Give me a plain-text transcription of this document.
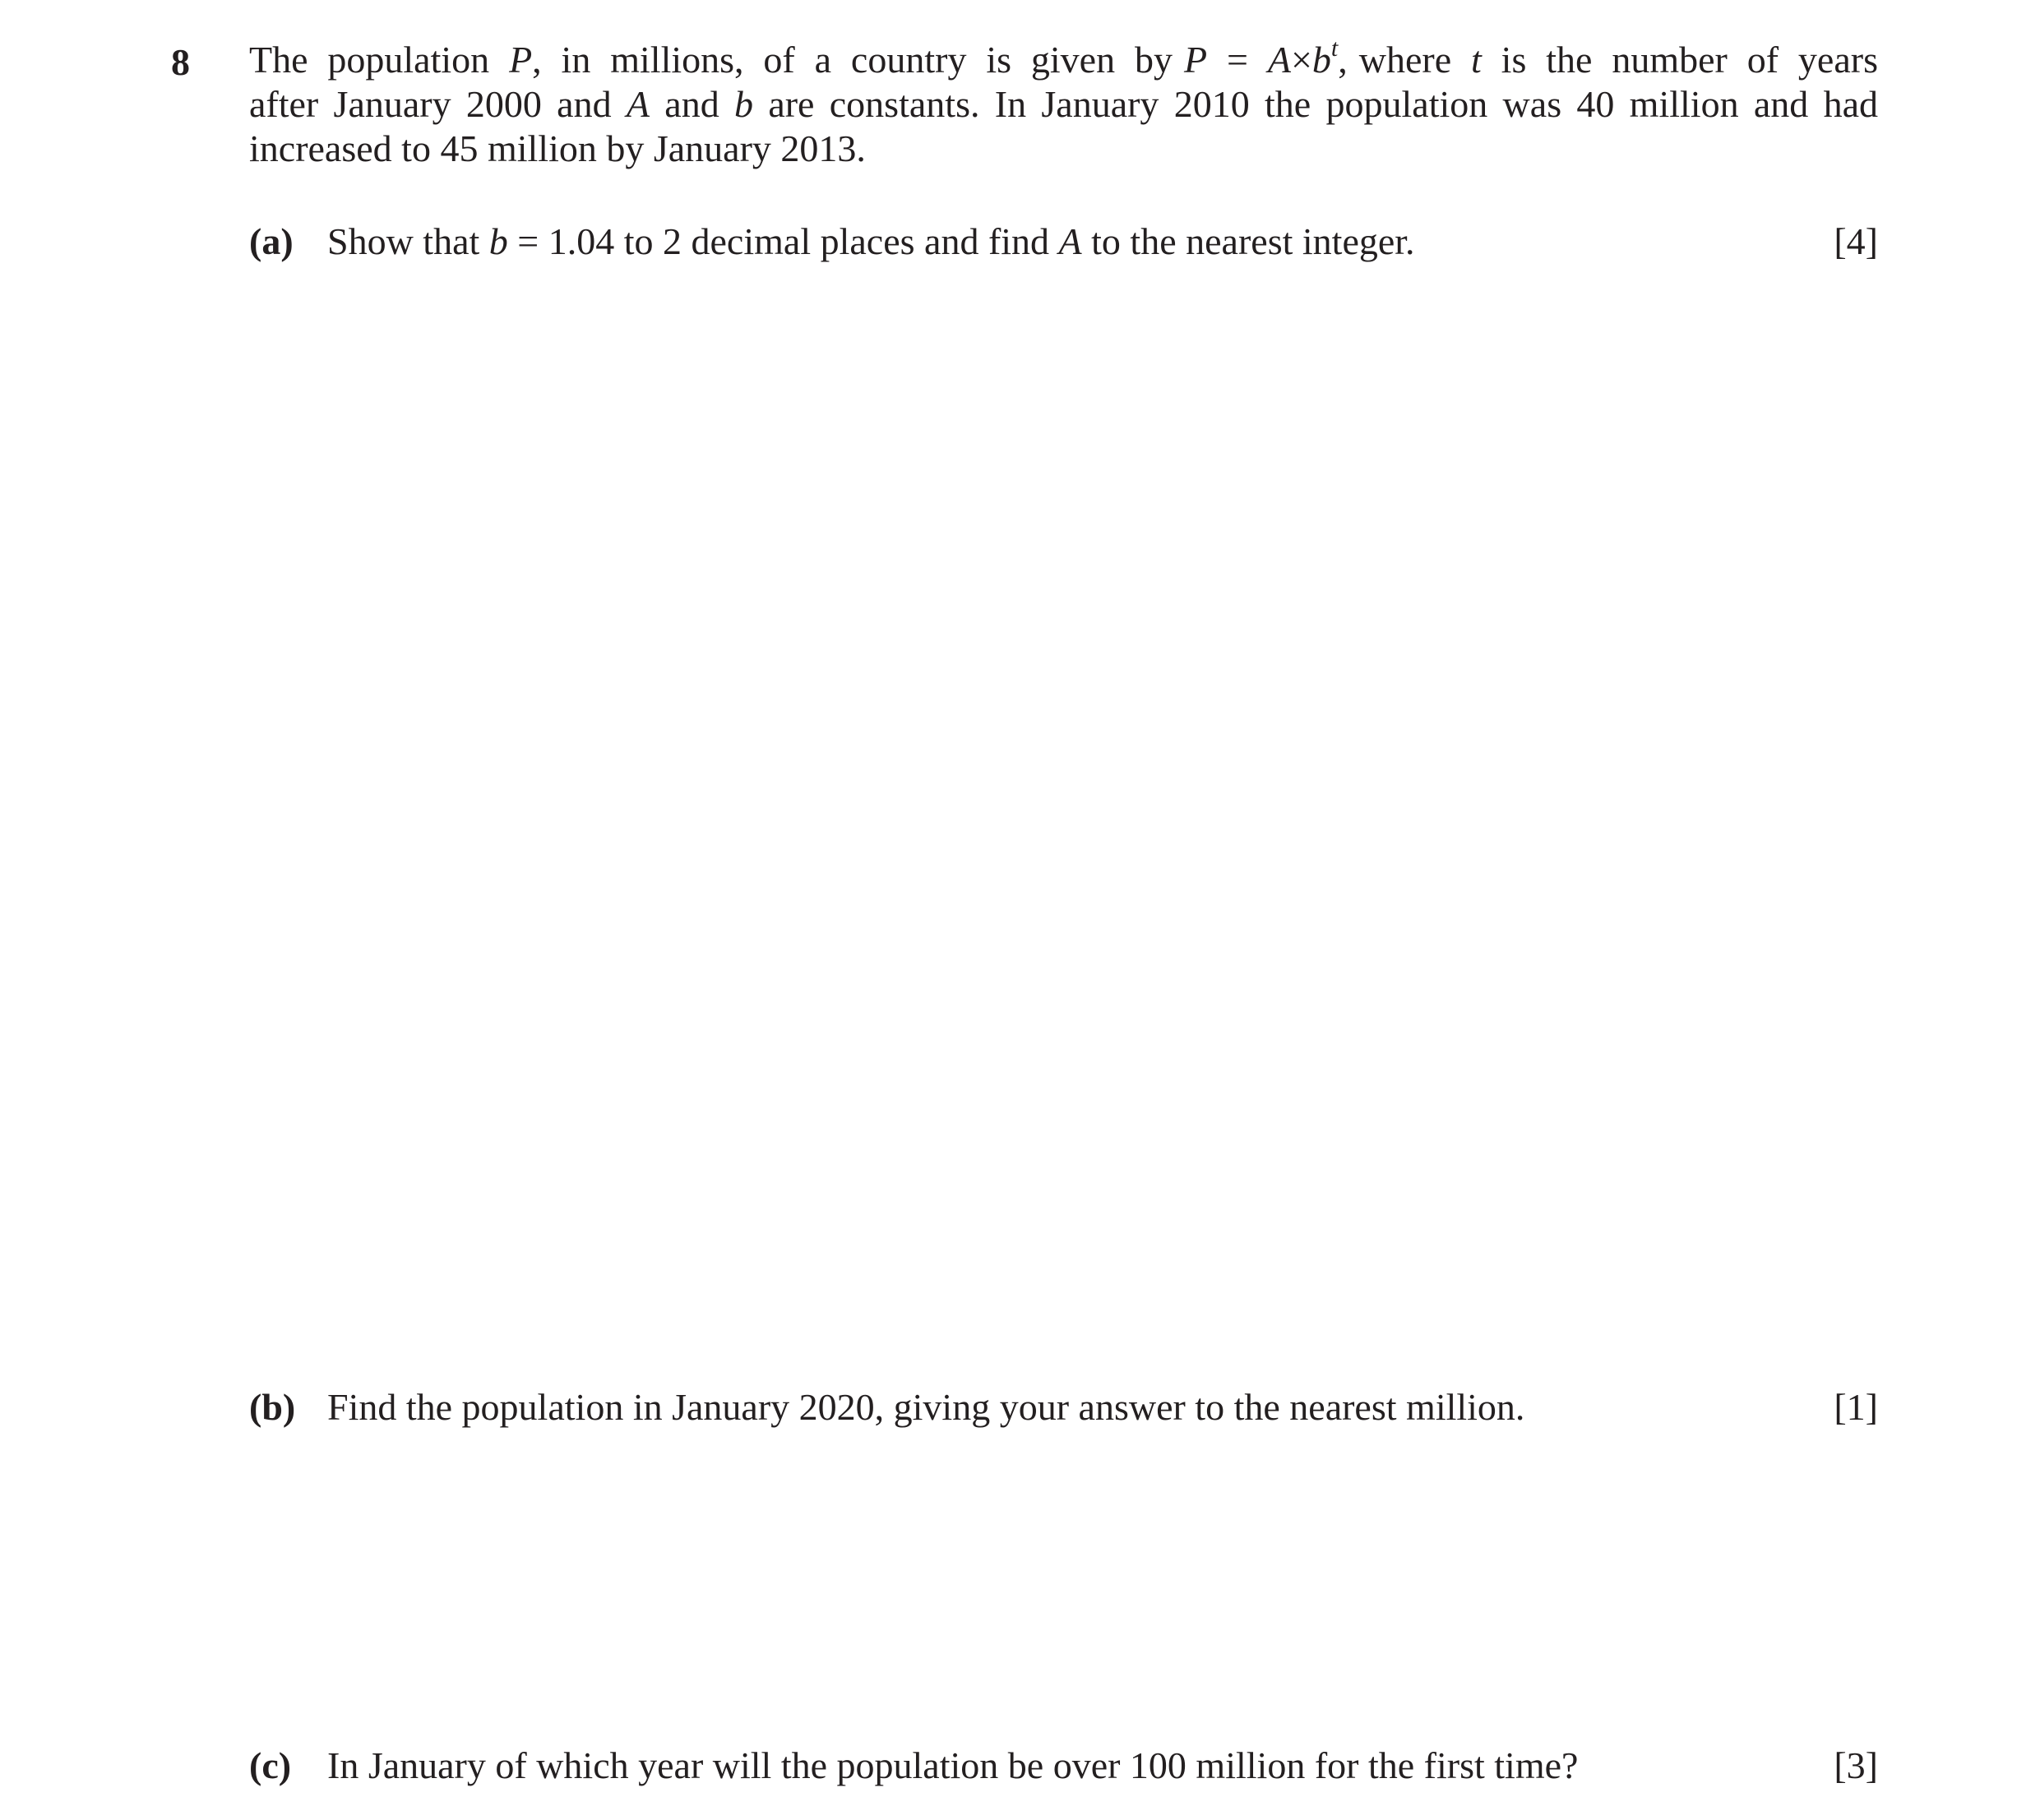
8 The population P, in millions, of a country is given by $P = A\times b^t$, where t is the number of years
after January 2000 and A and b are constants. In January 2010 the population was 40 million and had
increased to 45 million by January 2013.
(a) Show that b = 1.04 to 2 decimal places and find A to the nearest integer.	[4]
(b) Find the population in January 2020, giving your answer to the nearest million.	[1]
(c) In January of which year will the population be over 100 million for the first time?	[3]
